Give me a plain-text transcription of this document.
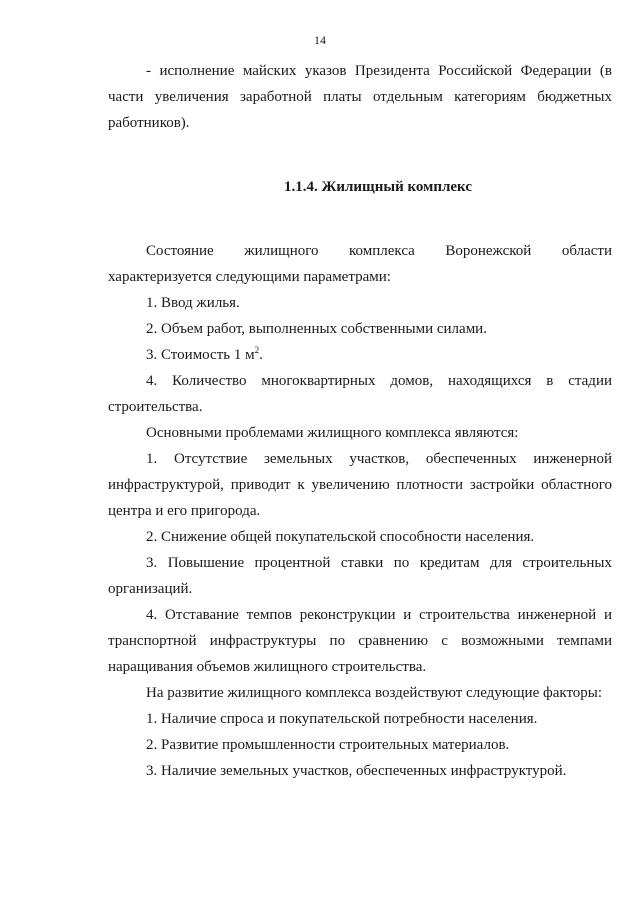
14

- исполнение майских указов Президента Российской Федерации (в части увеличения заработной платы отдельным категориям бюджетных работников).

1.1.4. Жилищный комплекс

Состояние жилищного комплекса Воронежской области

характеризуется следующими параметрами:

1. Ввод жилья.

2. Объем работ, выполненных собственными силами.

3. Стоимость 1 $м^2$.

4. Количество многоквартирных домов, находящихся в стадии строительства.

Основными проблемами жилищного комплекса являются:

1. Отсутствие земельных участков, обеспеченных инженерной инфраструктурой, приводит к увеличению плотности застройки областного центра и его пригорода.

2. Снижение общей покупательской способности населения.

3. Повышение процентной ставки по кредитам для строительных организаций.

4. Отставание темпов реконструкции и строительства инженерной и транспортной инфраструктуры по сравнению с возможными темпами наращивания объемов жилищного строительства.

На развитие жилищного комплекса воздействуют следующие факторы:

1. Наличие спроса и покупательской потребности населения.

2. Развитие промышленности строительных материалов.

3. Наличие земельных участков, обеспеченных инфраструктурой.
